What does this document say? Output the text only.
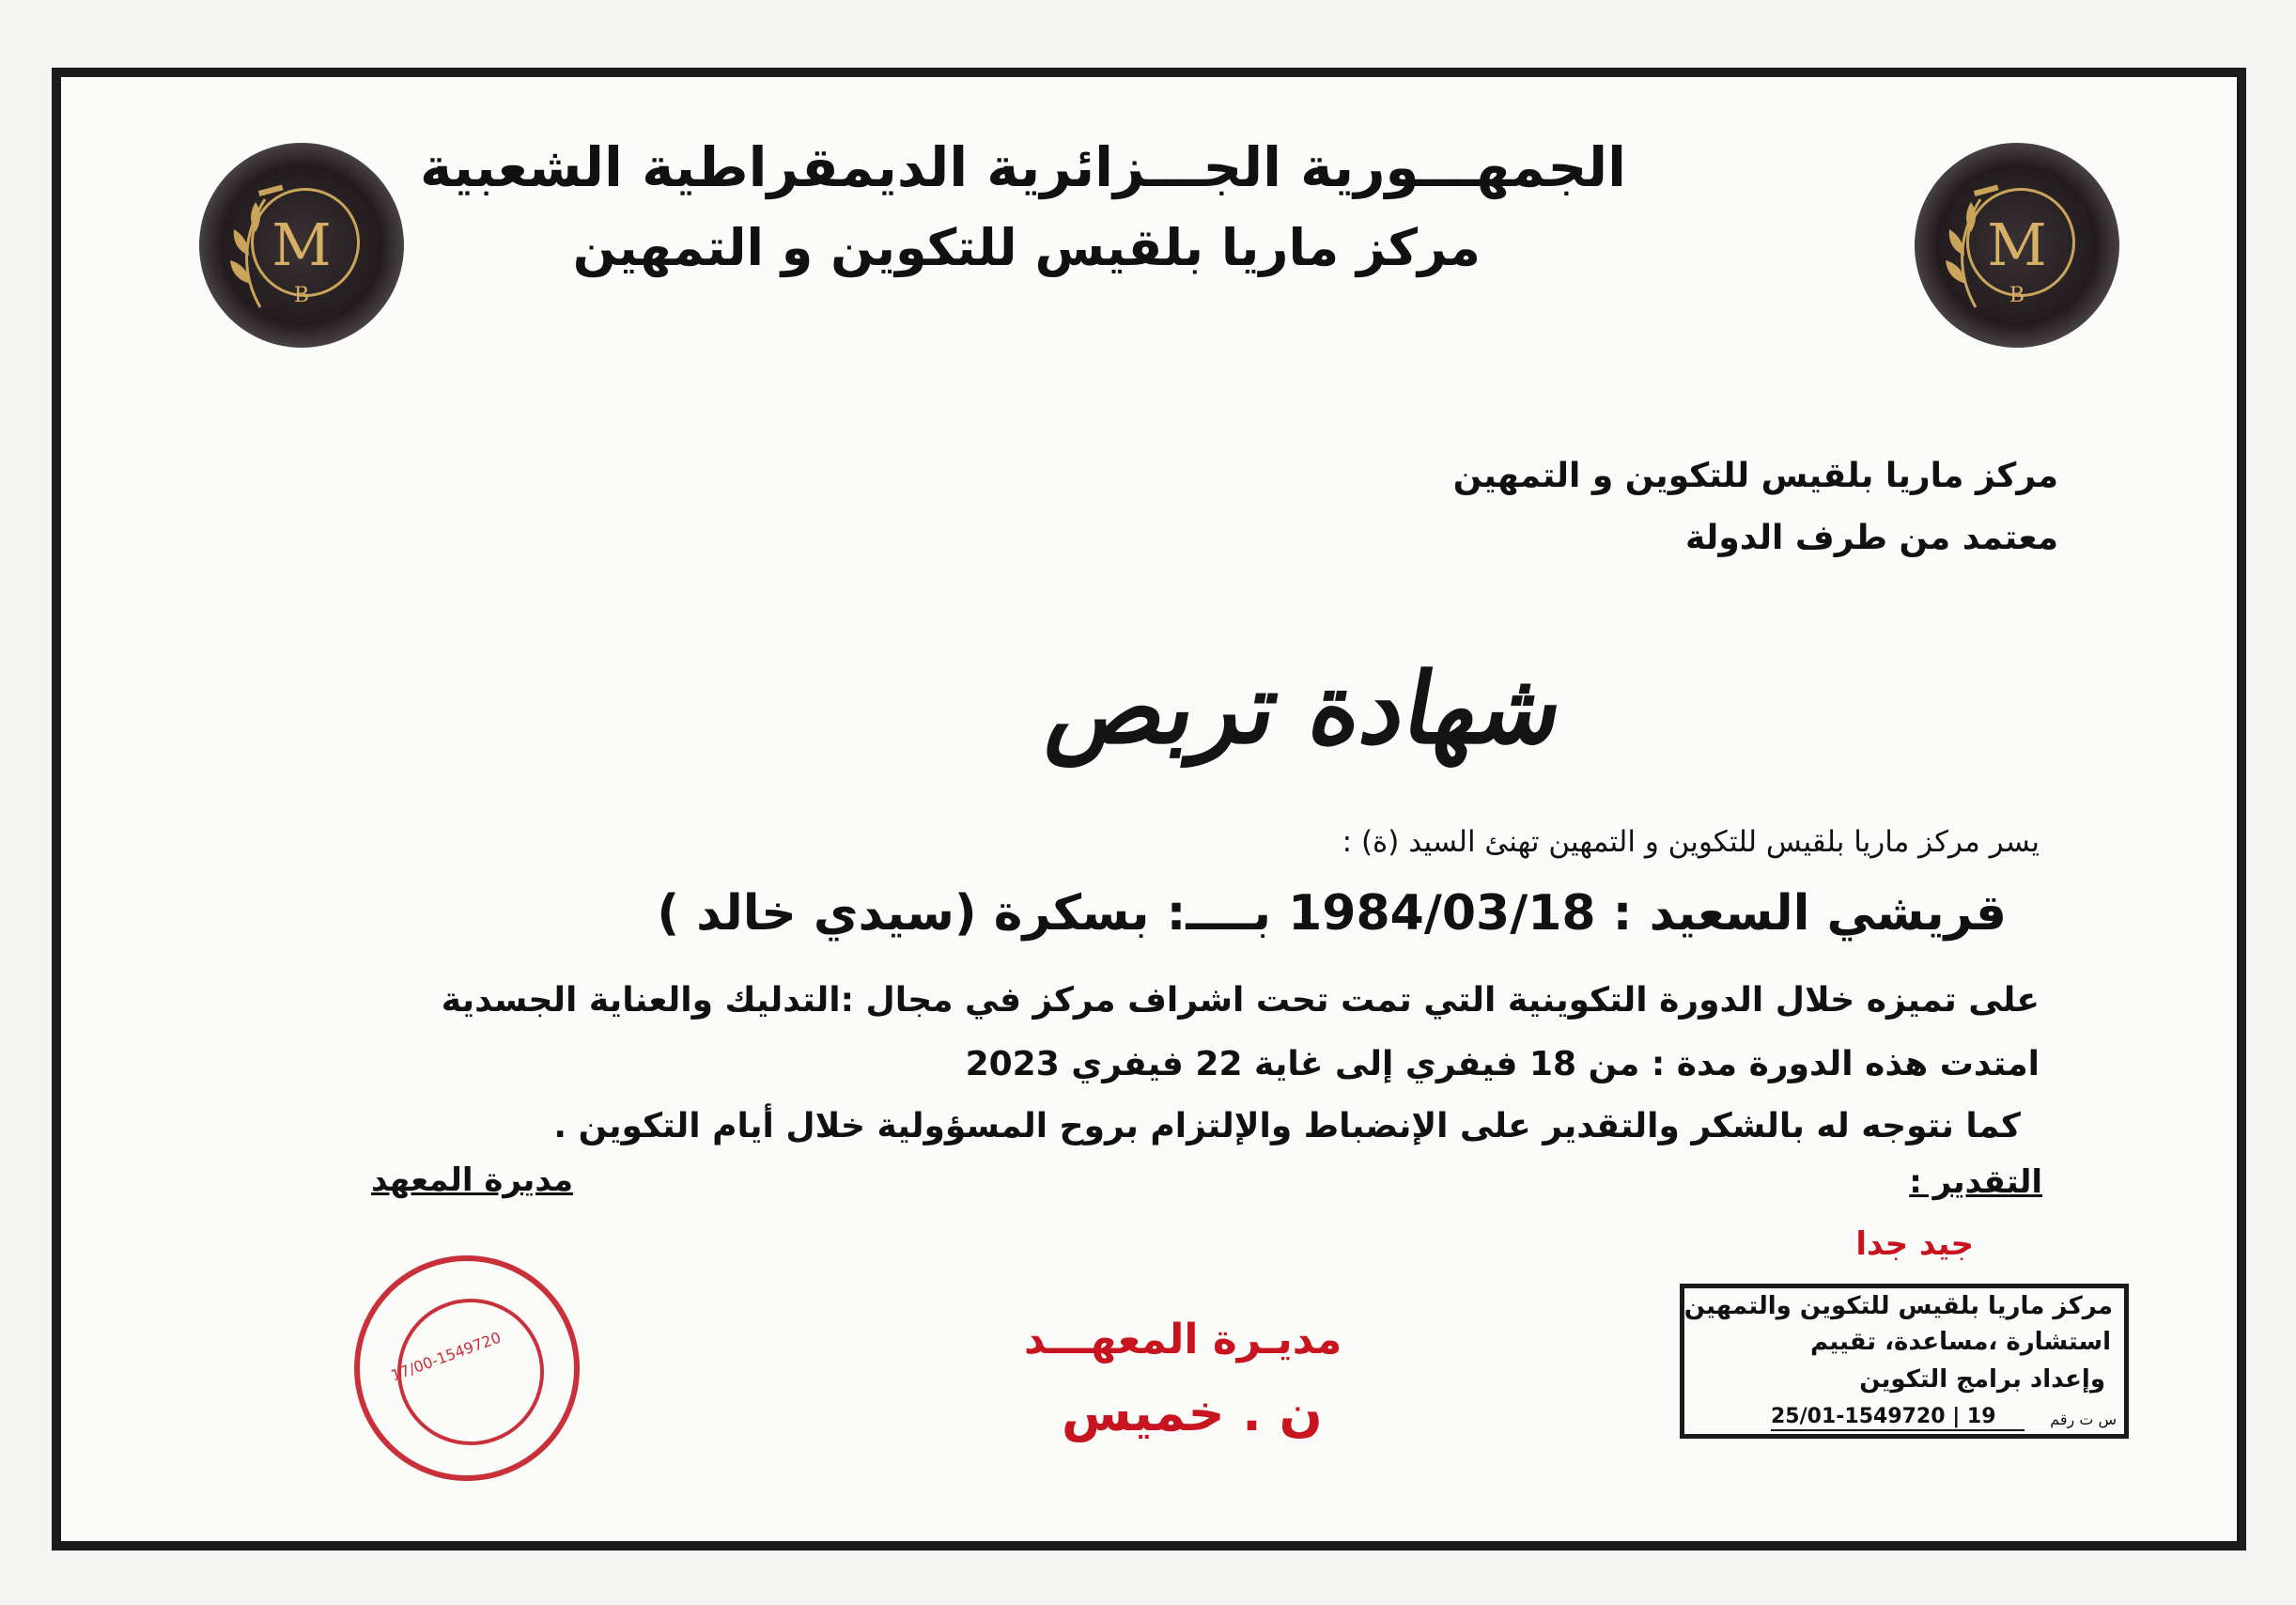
M
B
M
B
الجمهـــورية الجـــزائرية الديمقراطية الشعبية
مركز ماريا بلقيس للتكوين و التمهين
مركز ماريا بلقيس للتكوين و التمهين
معتمد من طرف الدولة
شهادة تربص
يسر مركز ماريا بلقيس للتكوين و التمهين تهنئ السيد (ة) :
قريشي السعيد : 1984/03/18 بــــ: بسكرة (سيدي خالد )
على تميزه خلال الدورة التكوينية التي تمت تحت اشراف مركز في مجال :التدليك والعناية الجسدية
امتدت هذه الدورة مدة : من 18 فيفري إلى غاية 22 فيفري 2023
كما نتوجه له بالشكر والتقدير على الإنضباط والإلتزام بروح المسؤولية خلال أيام التكوين .
التقدير :
جيد جدا
مديرة المعهد
17/00-1549720	مديـرة المعهـــد
ن . خميس
مركز ماريا بلقيس للتكوين والتمهين
استشارة ،مساعدة، تقييم
وإعداد برامج التكوين
س ت رقم
25/01-1549720 | 19
